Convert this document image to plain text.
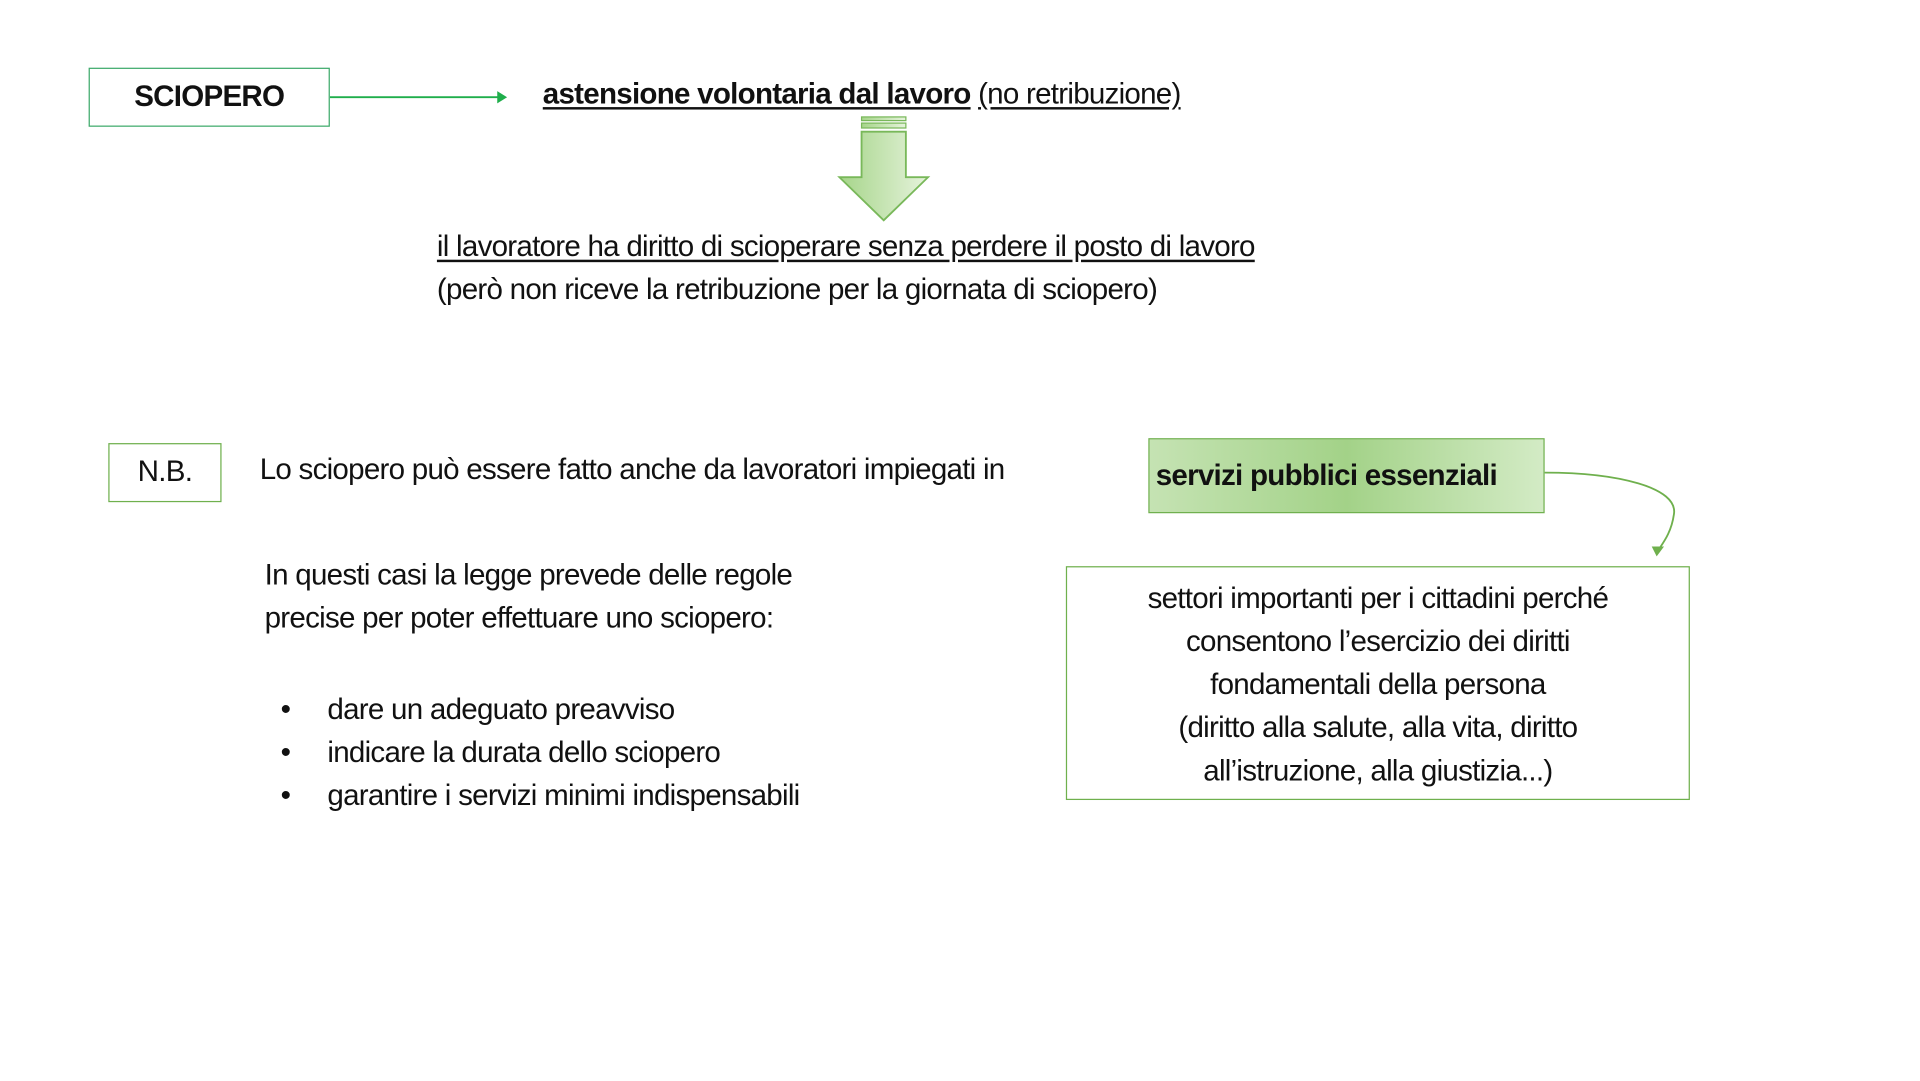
SCIOPERO	astensione volontaria dal lavoro (no retribuzione)
il lavoratore ha diritto di scioperare senza perdere il posto di lavoro
(però non riceve la retribuzione per la giornata di sciopero)
N.B.	Lo sciopero può essere fatto anche da lavoratori impiegati in	servizi pubblici essenziali
In questi casi la legge prevede delle regole
precise per poter effettuare uno sciopero:
• dare un adeguato preavviso
• indicare la durata dello sciopero
• garantire i servizi minimi indispensabili
settori importanti per i cittadini perché
consentono l’esercizio dei diritti
fondamentali della persona
(diritto alla salute, alla vita, diritto
all’istruzione, alla giustizia...)
